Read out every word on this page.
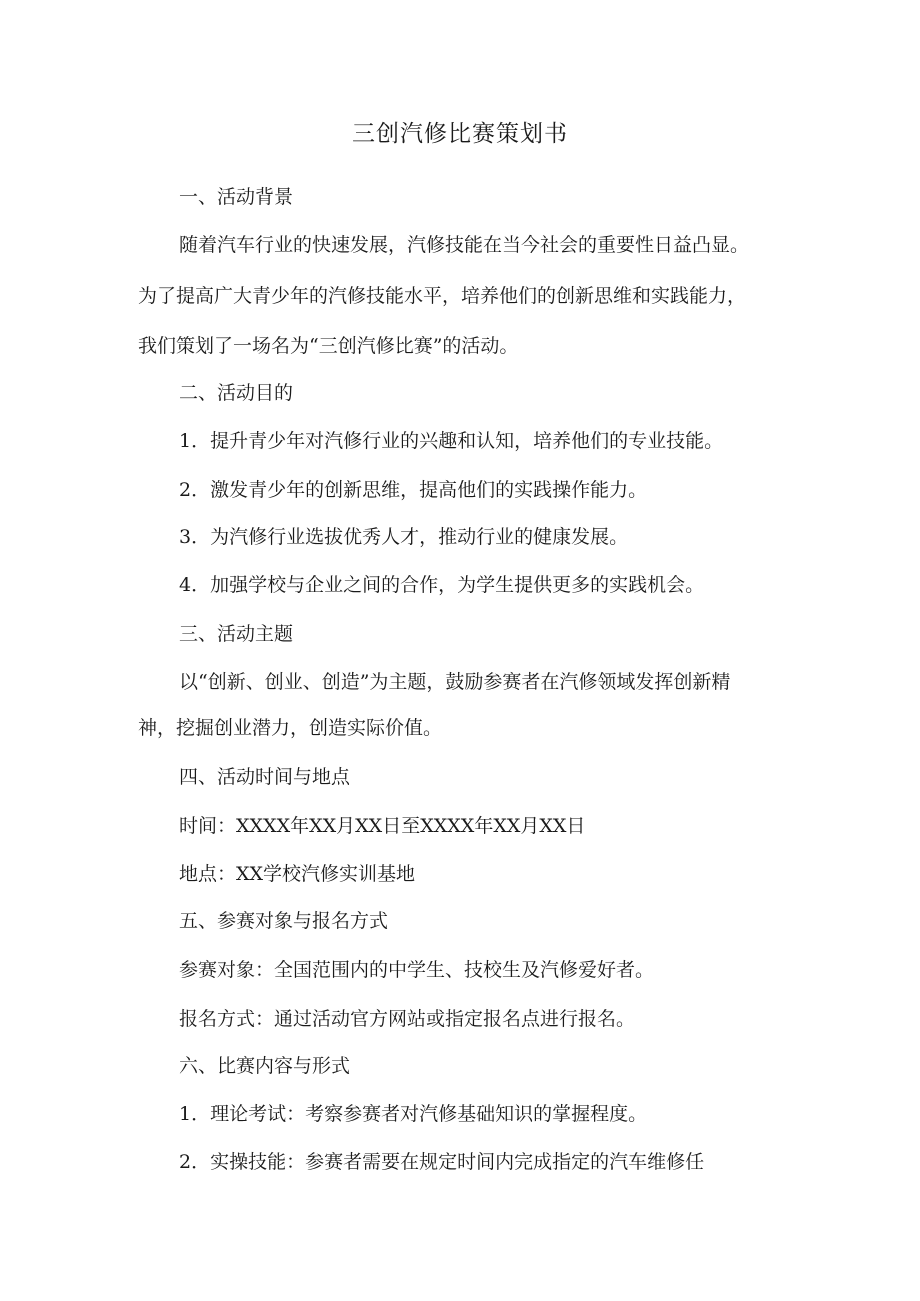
三创汽修比赛策划书
一、活动背景
随着汽车行业的快速发展，汽修技能在当今社会的重要性日益凸显。
为了提高广大青少年的汽修技能水平，培养他们的创新思维和实践能力，
我们策划了一场名为“三创汽修比赛”的活动。
二、活动目的
1．提升青少年对汽修行业的兴趣和认知，培养他们的专业技能。
2．激发青少年的创新思维，提高他们的实践操作能力。
3．为汽修行业选拔优秀人才，推动行业的健康发展。
4．加强学校与企业之间的合作，为学生提供更多的实践机会。
三、活动主题
以“创新、创业、创造”为主题，鼓励参赛者在汽修领域发挥创新精
神，挖掘创业潜力，创造实际价值。
四、活动时间与地点
时间：XXXX年XX月XX日至XXXX年XX月XX日
地点：XX学校汽修实训基地
五、参赛对象与报名方式
参赛对象：全国范围内的中学生、技校生及汽修爱好者。
报名方式：通过活动官方网站或指定报名点进行报名。
六、比赛内容与形式
1．理论考试：考察参赛者对汽修基础知识的掌握程度。
2．实操技能：参赛者需要在规定时间内完成指定的汽车维修任
